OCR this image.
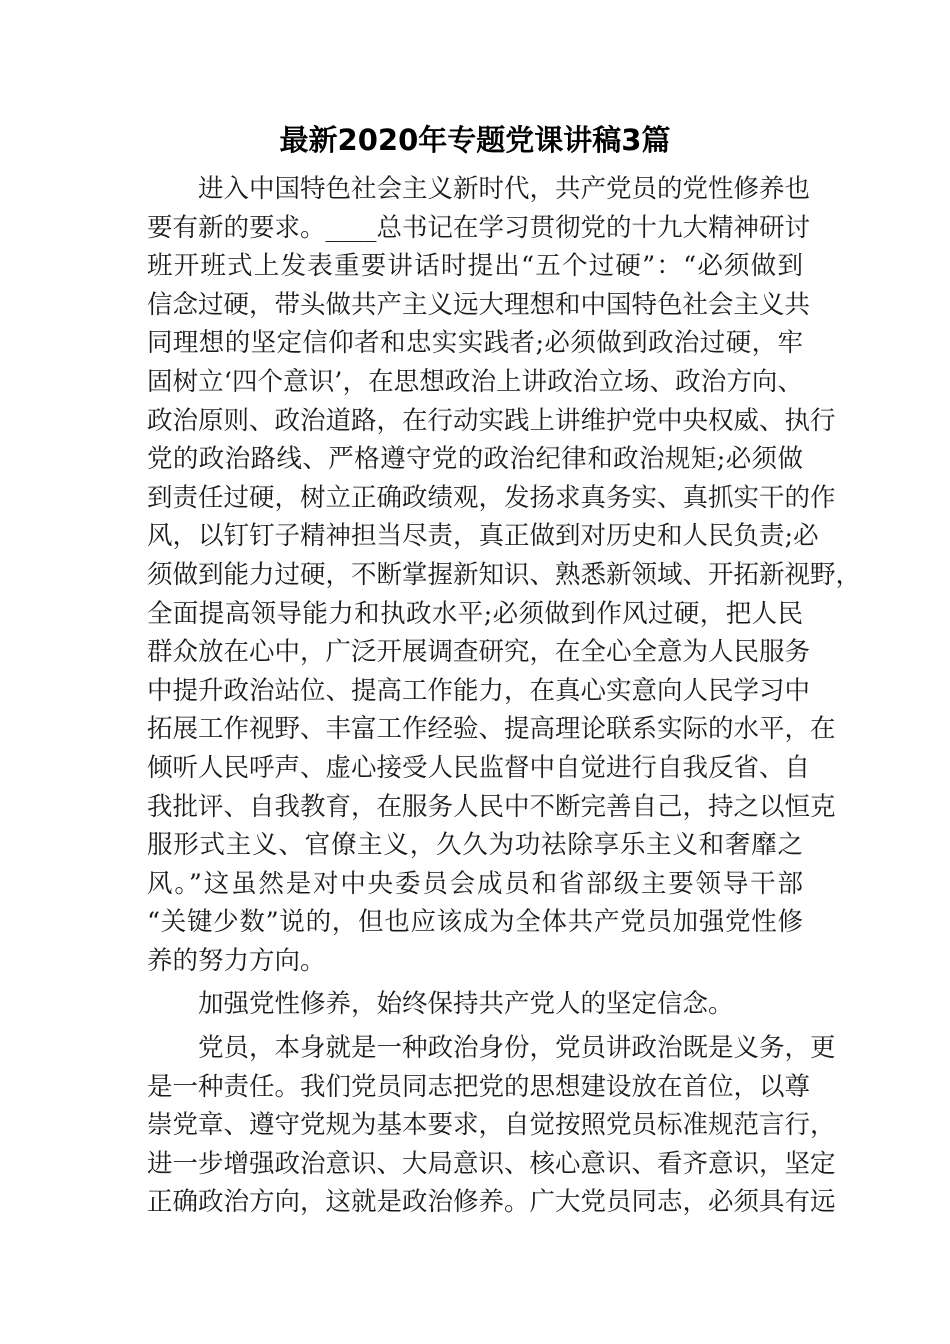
最新2020年专题党课讲稿3篇

进入中国特色社会主义新时代，共产党员的党性修养也
要有新的要求。____总书记在学习贯彻党的十九大精神研讨
班开班式上发表重要讲话时提出“五个过硬”：“必须做到
信念过硬，带头做共产主义远大理想和中国特色社会主义共
同理想的坚定信仰者和忠实实践者;必须做到政治过硬，牢
固树立‘四个意识’，在思想政治上讲政治立场、政治方向、
政治原则、政治道路，在行动实践上讲维护党中央权威、执行
党的政治路线、严格遵守党的政治纪律和政治规矩;必须做
到责任过硬，树立正确政绩观，发扬求真务实、真抓实干的作
风，以钉钉子精神担当尽责，真正做到对历史和人民负责;必
须做到能力过硬，不断掌握新知识、熟悉新领域、开拓新视野，
全面提高领导能力和执政水平;必须做到作风过硬，把人民
群众放在心中，广泛开展调查研究，在全心全意为人民服务
中提升政治站位、提高工作能力，在真心实意向人民学习中
拓展工作视野、丰富工作经验、提高理论联系实际的水平，在
倾听人民呼声、虚心接受人民监督中自觉进行自我反省、自
我批评、自我教育，在服务人民中不断完善自己，持之以恒克
服形式主义、官僚主义，久久为功祛除享乐主义和奢靡之
风。”这虽然是对中央委员会成员和省部级主要领导干部
“关键少数”说的，但也应该成为全体共产党员加强党性修
养的努力方向。

加强党性修养，始终保持共产党人的坚定信念。

党员，本身就是一种政治身份，党员讲政治既是义务，更
是一种责任。我们党员同志把党的思想建设放在首位，以尊
崇党章、遵守党规为基本要求，自觉按照党员标准规范言行，
进一步增强政治意识、大局意识、核心意识、看齐意识，坚定
正确政治方向，这就是政治修养。广大党员同志，必须具有远
